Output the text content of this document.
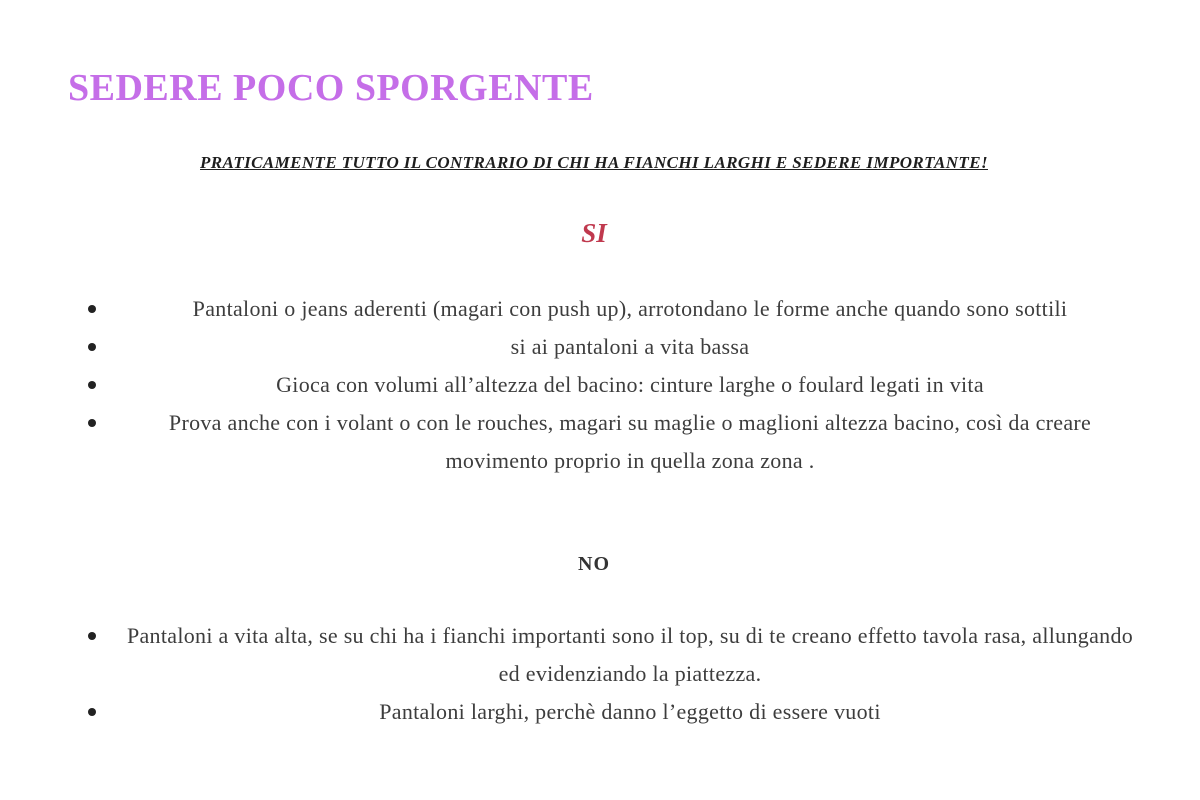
SEDERE POCO SPORGENTE
PRATICAMENTE TUTTO IL CONTRARIO DI CHI HA FIANCHI LARGHI E SEDERE IMPORTANTE!
SI
Pantaloni o jeans aderenti (magari con push up), arrotondano le forme anche quando sono sottili
si ai pantaloni a vita bassa
Gioca con volumi all’altezza del bacino: cinture larghe o foulard legati in vita
Prova anche con i volant o con le rouches, magari su maglie o maglioni altezza bacino, così da creare movimento proprio in quella zona zona .
NO
Pantaloni a vita alta, se su chi ha i fianchi importanti sono il top, su di te creano effetto tavola rasa, allungando ed evidenziando la piattezza.
Pantaloni larghi, perchè danno l’eggetto di essere vuoti
